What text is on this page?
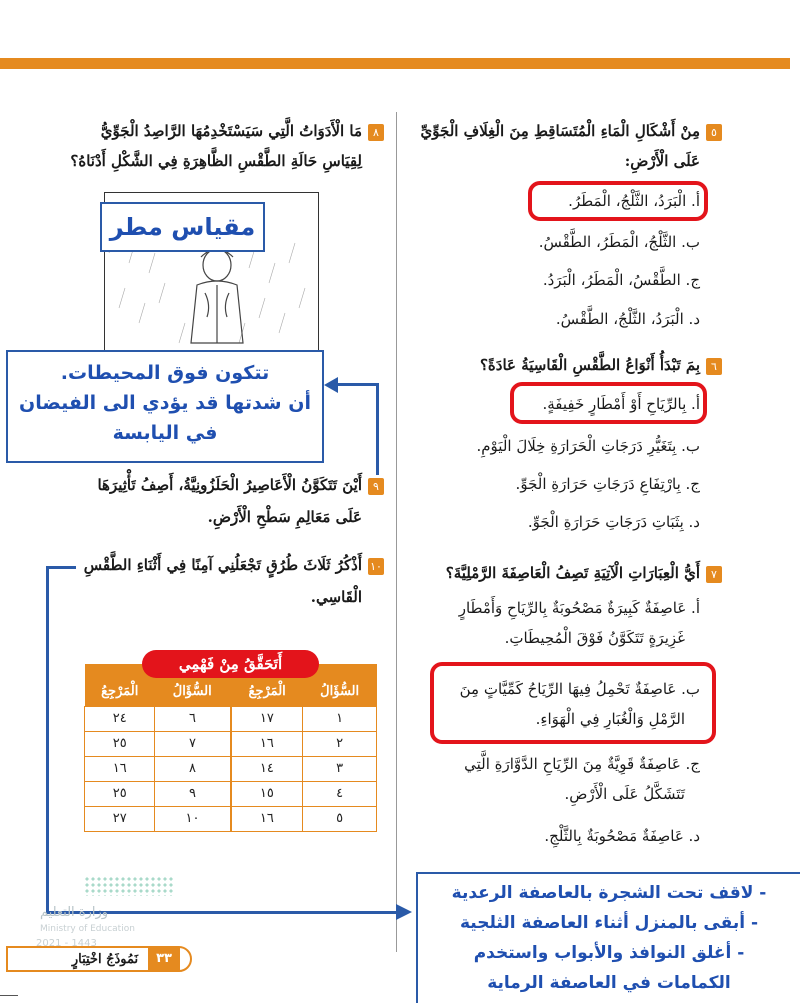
٥مِنْ أَشْكَالِ الْمَاءِ الْمُتَسَاقِطِ مِنَ الْغِلَافِ الْجَوِّيِّ
عَلَى الْأَرْضِ:
أ. الْبَرَدُ، الثَّلْجُ، الْمَطَرُ.
ب. الثَّلْجُ، الْمَطَرُ، الطَّقْسُ.
ج. الطَّقْسُ، الْمَطَرُ، الْبَرَدُ.
د. الْبَرَدُ، الثَّلْجُ، الطَّقْسُ.
٦بِمَ تَبْدَأُ أَنْوَاعُ الطَّقْسِ الْقَاسِيَةُ عَادَةً؟
أ. بِالرِّيَاحِ أَوْ أَمْطَارٍ خَفِيفَةٍ.
ب. بِتَغَيُّرِ دَرَجَاتِ الْحَرَارَةِ خِلَالَ الْيَوْمِ.
ج. بِارْتِفَاعِ دَرَجَاتِ حَرَارَةِ الْجَوِّ.
د. بِثَبَاتِ دَرَجَاتِ حَرَارَةِ الْجَوِّ.
٧أَيُّ الْعِبَارَاتِ الْآتِيَةِ تَصِفُ الْعَاصِفَةَ الرَّمْلِيَّةَ؟
أ. عَاصِفَةٌ كَبِيرَةٌ مَصْحُوبَةٌ بِالرِّيَاحِ وَأَمْطَارٍ
غَزِيرَةٍ تَتَكَوَّنُ فَوْقَ الْمُحِيطَاتِ.
ب. عَاصِفَةٌ تَحْمِلُ فِيهَا الرِّيَاحُ كَمِّيَّاتٍ مِنَ
الرَّمْلِ وَالْغُبَارِ فِي الْهَوَاءِ.
ج. عَاصِفَةٌ قَوِيَّةٌ مِنَ الرِّيَاحِ الدَّوَّارَةِ الَّتِي
تَتَشَكَّلُ عَلَى الْأَرْضِ.
د. عَاصِفَةٌ مَصْحُوبَةٌ بِالثَّلْجِ.
٨مَا الْأَدَوَاتُ الَّتِي سَيَسْتَخْدِمُهَا الرَّاصِدُ الْجَوِّيُّ
لِقِيَاسِ حَالَةِ الطَّقْسِ الظَّاهِرَةِ فِي الشَّكْلِ أَدْنَاهُ؟
مقياس مطر
تتكون فوق المحيطات.
أن شدتها قد يؤدي الى الفيضان
في اليابسة
٩أَيْنَ تَتَكَوَّنُ الْأَعَاصِيرُ الْحَلَزُونِيَّةُ، أَصِفُ تَأْثِيرَهَا
عَلَى مَعَالِمِ سَطْحِ الْأَرْضِ.
١٠أَذْكُرُ ثَلَاثَ طُرُقٍ تَجْعَلُنِي آمِنًا فِي أَثْنَاءِ الطَّقْسِ
الْقَاسِي.
السُّؤَالُ	الْمَرْجِعُ	السُّؤَالُ	الْمَرْجِعُ
١	١٧	٦	٢٤
٢	١٦	٧	٢٥
٣	١٤	٨	١٦
٤	١٥	٩	٢٥
٥	١٦	١٠	٢٧
أَتَحَقَّقُ مِنْ فَهْمِي
وزارة التعليم
Ministry of Education
2021 - 1443
- لاقف تحت الشجرة بالعاصفة الرعدية
- أبقى بالمنزل أثناء العاصفة الثلجية
- أغلق النوافذ والأبواب واستخدم
الكمامات في العاصفة الرماية
٣٣
نَمُوذَجُ اخْتِبَارٍ
